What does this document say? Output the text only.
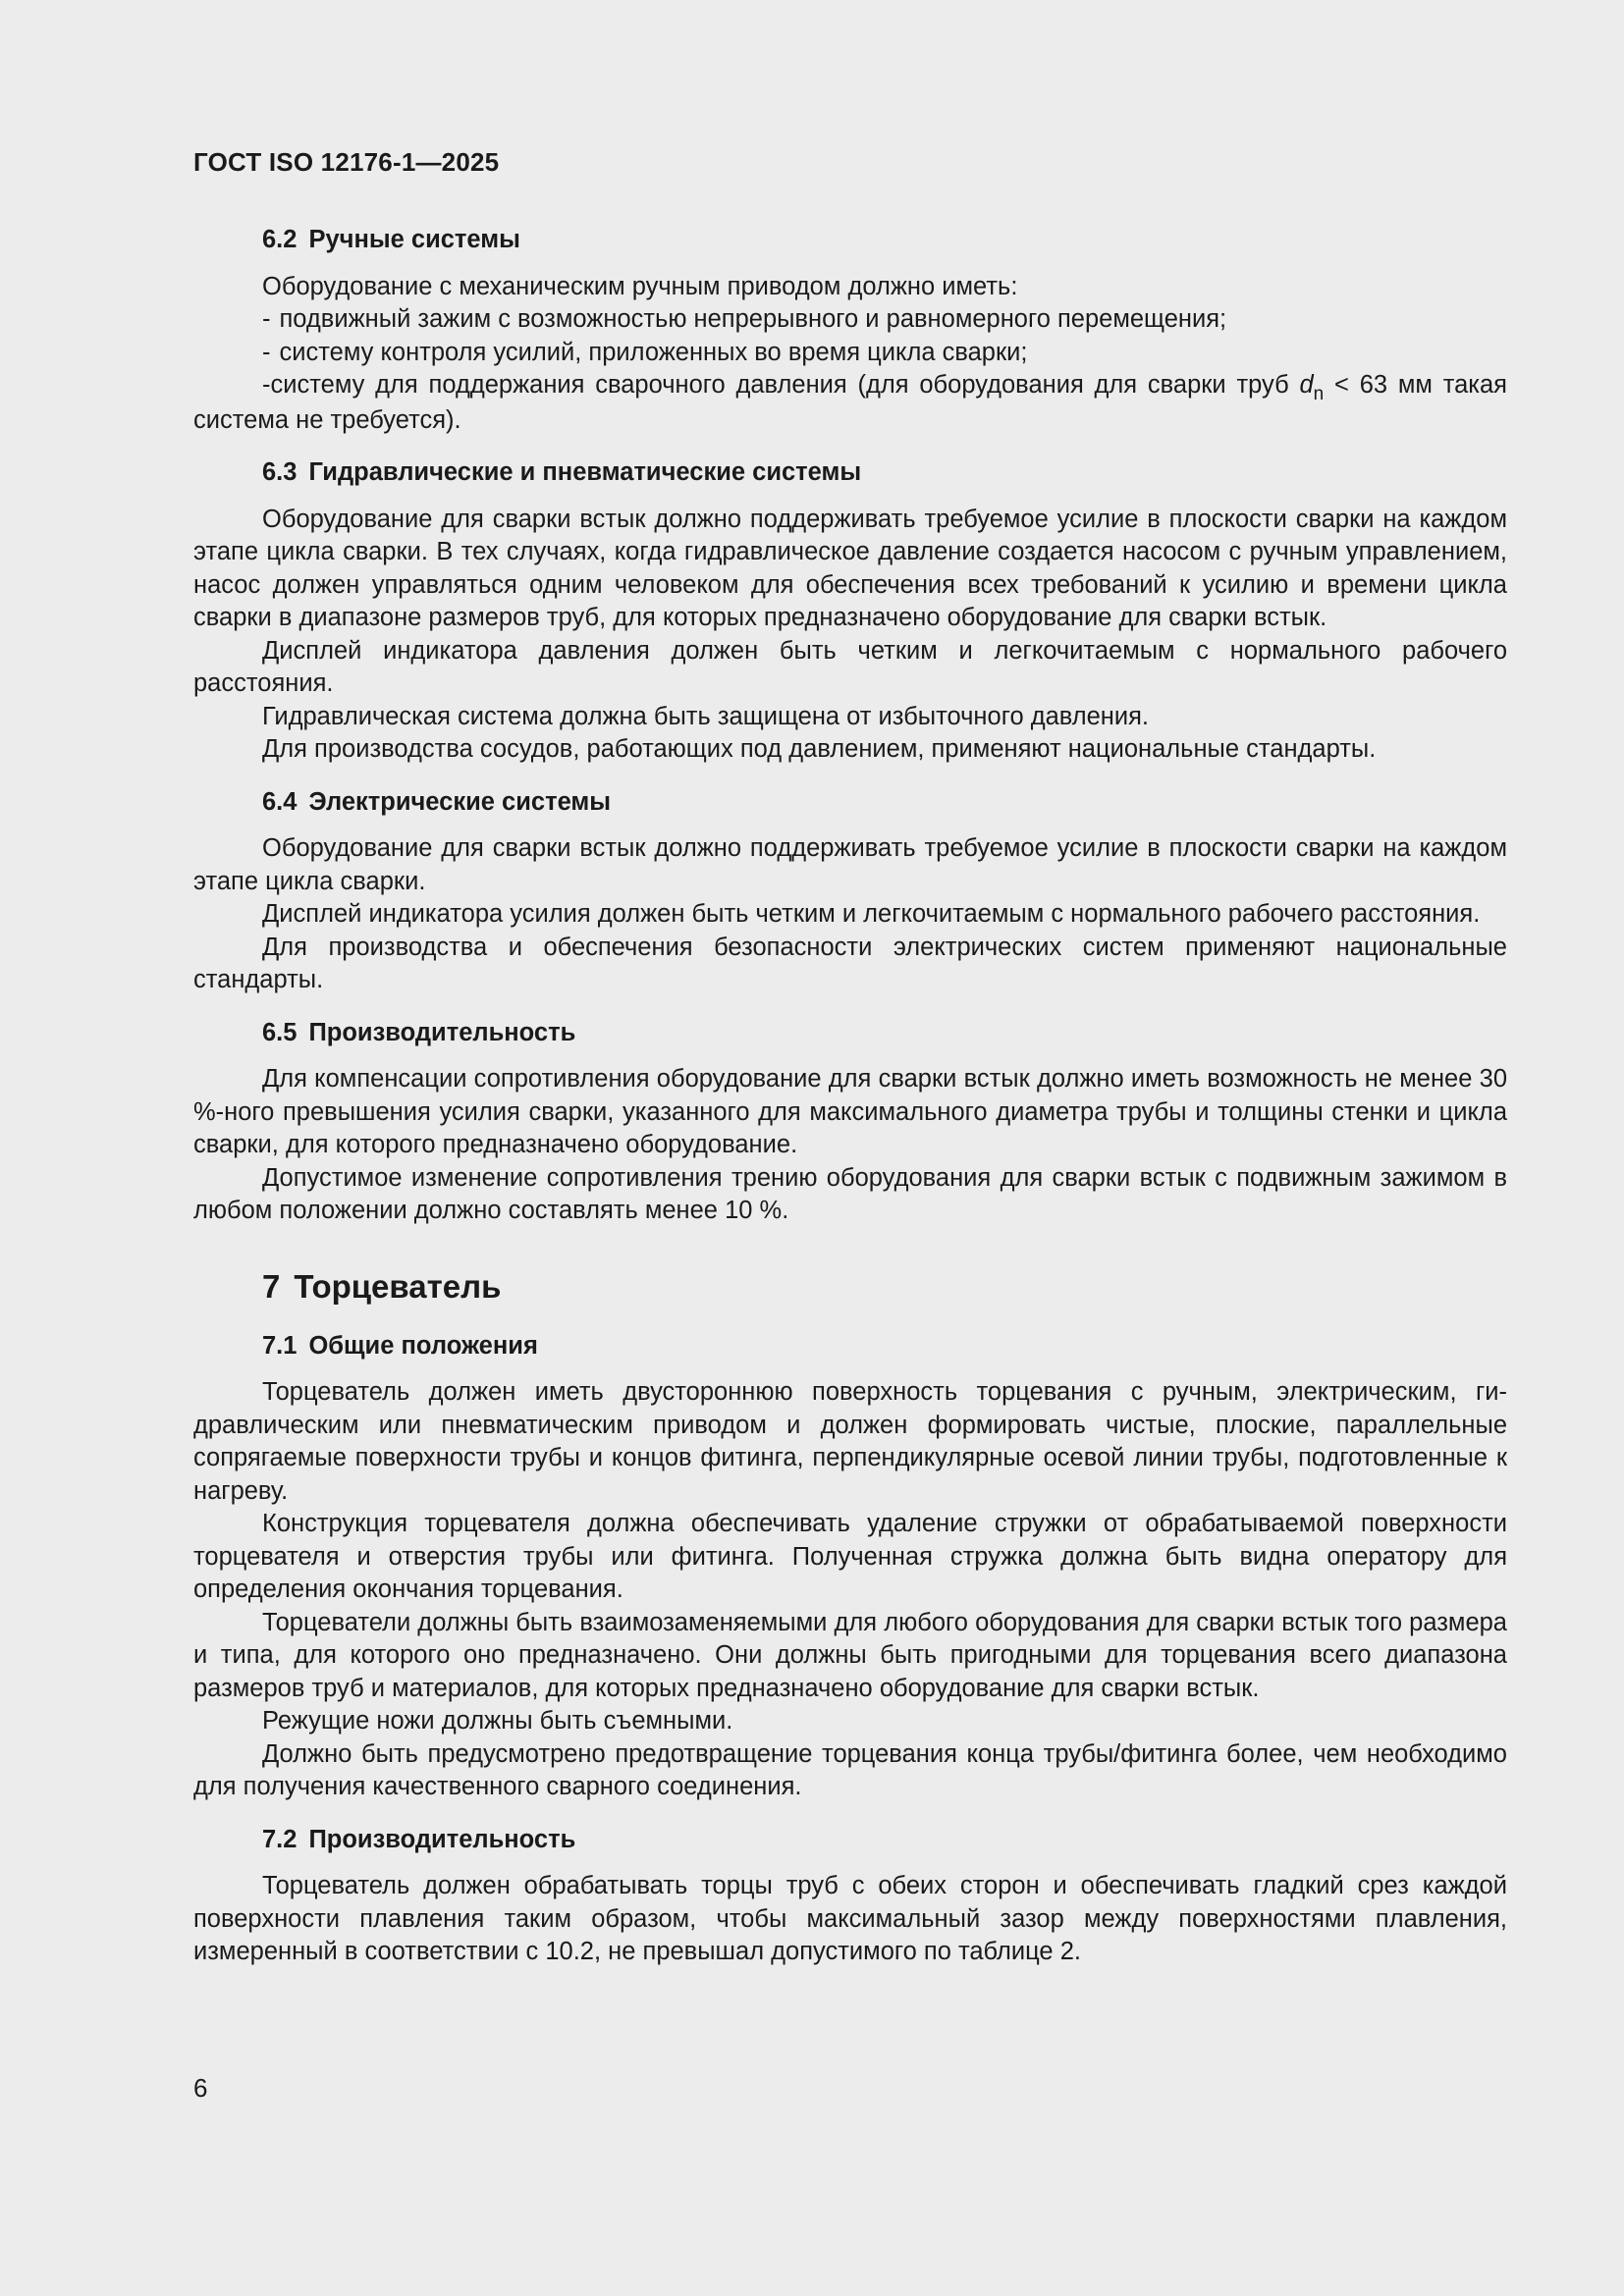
ГОСТ ISO 12176-1—2025
6.2 Ручные системы

Оборудование с механическим ручным приводом должно иметь:

- подвижный зажим с возможностью непрерывного и равномерного перемещения;

- систему контроля усилий, приложенных во время цикла сварки;

-систему для поддержания сварочного давления (для оборудования для сварки труб $d_n < 63$ мм такая система не требуется).

6.3 Гидравлические и пневматические системы

Оборудование для сварки встык должно поддерживать требуемое усилие в плоскости сварки на каждом этапе цикла сварки. В тех случаях, когда гидравлическое давление создается насосом с ручным управлением, насос должен управляться одним человеком для обеспечения всех требований к усилию и времени цикла сварки в диапазоне размеров труб, для которых предназначено оборудование для сварки встык.

Дисплей индикатора давления должен быть четким и легкочитаемым с нормального рабочего расстояния.

Гидравлическая система должна быть защищена от избыточного давления.

Для производства сосудов, работающих под давлением, применяют национальные стандарты.

6.4 Электрические системы

Оборудование для сварки встык должно поддерживать требуемое усилие в плоскости сварки на каждом этапе цикла сварки.

Дисплей индикатора усилия должен быть четким и легкочитаемым с нормального рабочего расстояния.

Для производства и обеспечения безопасности электрических систем применяют национальные стандарты.

6.5 Производительность

Для компенсации сопротивления оборудование для сварки встык должно иметь возможность не менее 30 %-ного превышения усилия сварки, указанного для максимального диаметра трубы и толщины стенки и цикла сварки, для которого предназначено оборудование.

Допустимое изменение сопротивления трению оборудования для сварки встык с подвижным зажимом в любом положении должно составлять менее 10 %.

7 Торцеватель
7.1 Общие положения

Торцеватель должен иметь двустороннюю поверхность торцевания с ручным, электрическим, гидравлическим или пневматическим приводом и должен формировать чистые, плоские, параллельные сопрягаемые поверхности трубы и концов фитинга, перпендикулярные осевой линии трубы, подготовленные к нагреву.

Конструкция торцевателя должна обеспечивать удаление стружки от обрабатываемой поверхности торцевателя и отверстия трубы или фитинга. Полученная стружка должна быть видна оператору для определения окончания торцевания.

Торцеватели должны быть взаимозаменяемыми для любого оборудования для сварки встык того размера и типа, для которого оно предназначено. Они должны быть пригодными для торцевания всего диапазона размеров труб и материалов, для которых предназначено оборудование для сварки встык.

Режущие ножи должны быть съемными.

Должно быть предусмотрено предотвращение торцевания конца трубы/фитинга более, чем необходимо для получения качественного сварного соединения.

7.2 Производительность

Торцеватель должен обрабатывать торцы труб с обеих сторон и обеспечивать гладкий срез каждой поверхности плавления таким образом, чтобы максимальный зазор между поверхностями плавления, измеренный в соответствии с 10.2, не превышал допустимого по таблице 2.

6
